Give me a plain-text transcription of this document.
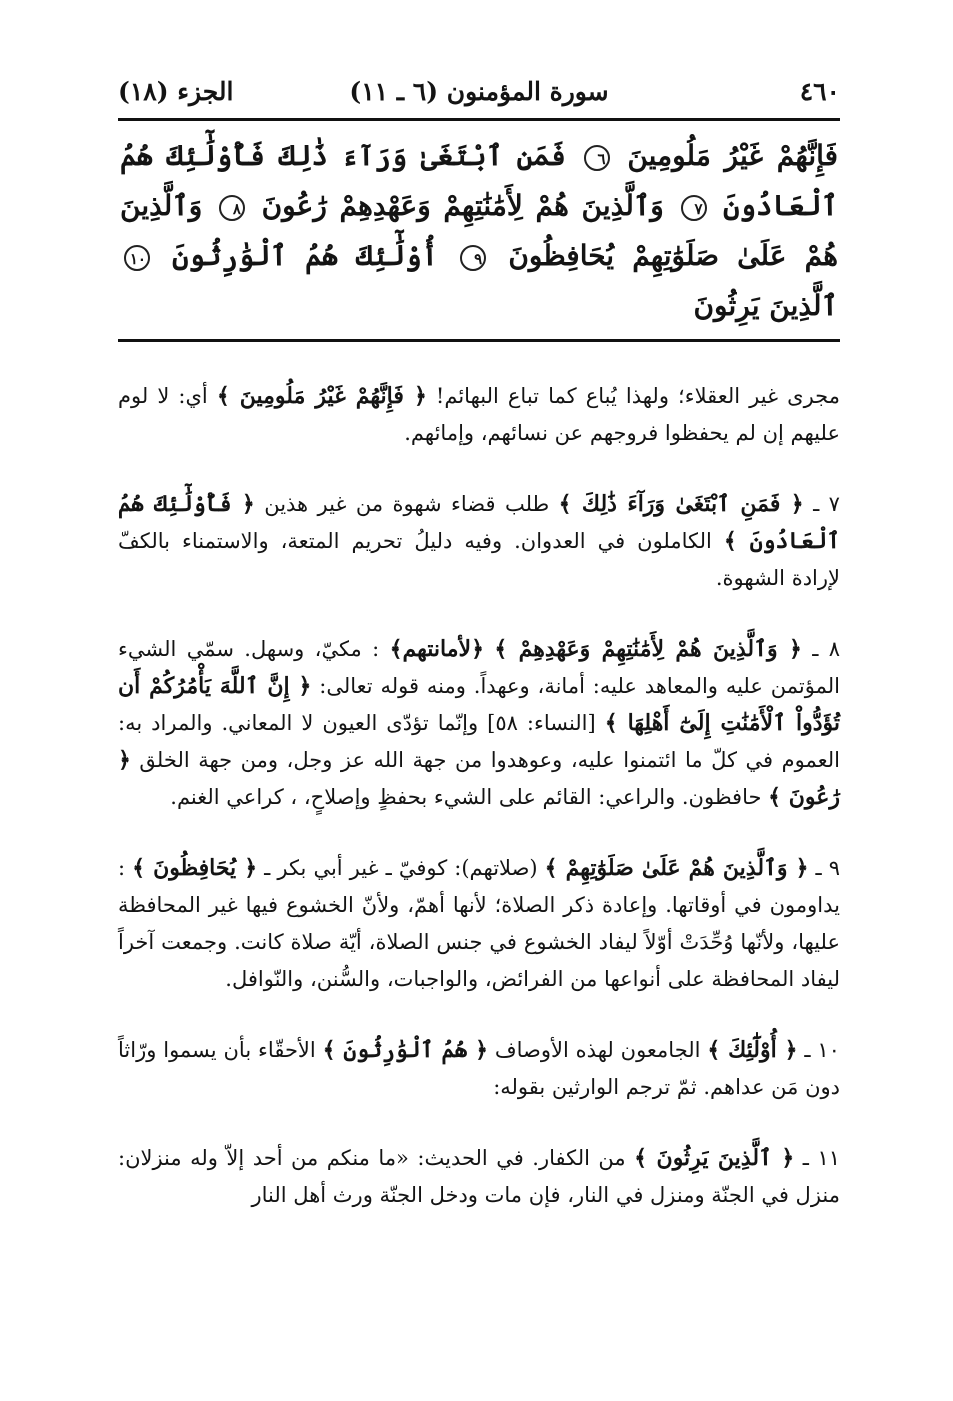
٤٦٠
سورة المؤمنون (٦ ـ ١١)
الجزء (١٨)
فَإِنَّهُمْ غَيْرُ مَلُومِينَ ٦ فَمَنِ ٱبْتَغَىٰ وَرَآءَ ذَٰلِكَ فَأُوْلَٰٓئِكَ هُمُ ٱلْعَادُونَ ٧ وَٱلَّذِينَ هُمْ لِأَمَٰنَٰتِهِمْ وَعَهْدِهِمْ رَٰعُونَ ٨ وَٱلَّذِينَ هُمْ عَلَىٰ صَلَوَٰتِهِمْ يُحَافِظُونَ ٩ أُوْلَٰٓئِكَ هُمُ ٱلْوَٰرِثُونَ ١٠ ٱلَّذِينَ يَرِثُونَ

مجرى غير العقلاء؛ ولهذا يُباع كما تباع البهائم! ﴿ فَإِنَّهُمْ غَيْرُ مَلُومِينَ ﴾ أي: لا لوم عليهم إن لم يحفظوا فروجهم عن نسائهم، وإمائهم.

٧ ـ ﴿ فَمَنِ ٱبْتَغَىٰ وَرَآءَ ذَٰلِكَ ﴾ طلب قضاء شهوة من غير هذين ﴿ فَأُوْلَٰٓئِكَ هُمُ ٱلْعَادُونَ ﴾ الكاملون في العدوان. وفيه دليلُ تحريم المتعة، والاستمناء بالكفّ لإرادة الشهوة.

٨ ـ ﴿ وَٱلَّذِينَ هُمْ لِأَمَٰنَٰتِهِمْ وَعَهْدِهِمْ ﴾ ﴿لأمانتهم﴾ : مكيّ، وسهل. سمّي الشيء المؤتمن عليه والمعاهد عليه: أمانة، وعهداً. ومنه قوله تعالى: ﴿ إِنَّ ٱللَّهَ يَأْمُرُكُمْ أَن تُؤَدُّواْ ٱلْأَمَٰنَٰتِ إِلَىٰٓ أَهْلِهَا ﴾ [النساء: ٥٨] وإنّما تؤدّى العيون لا المعاني. والمراد به: العموم في كلّ ما ائتمنوا عليه، وعوهدوا من جهة الله عز وجل، ومن جهة الخلق ﴿ رَٰعُونَ ﴾ حافظون. والراعي: القائم على الشيء بحفظٍ وإصلاحٍ، ، كراعي الغنم.

٩ ـ ﴿ وَٱلَّذِينَ هُمْ عَلَىٰ صَلَوَٰتِهِمْ ﴾ (صلاتهم): كوفيّ ـ غير أبي بكر ـ ﴿ يُحَافِظُونَ ﴾ : يداومون في أوقاتها. وإعادة ذكر الصلاة؛ لأنها أهمّ، ولأنّ الخشوع فيها غير المحافظة عليها، ولأنّها وُحِّدَتْ أوّلاً ليفاد الخشوع في جنس الصلاة، أيّة صلاة كانت. وجمعت آخراً ليفاد المحافظة على أنواعها من الفرائض، والواجبات، والسُّنن، والنّوافل.

١٠ ـ ﴿ أُوْلَٰٓئِكَ ﴾ الجامعون لهذه الأوصاف ﴿ هُمُ ٱلْوَٰرِثُونَ ﴾ الأحقّاء بأن يسموا ورّاثاً دون مَن عداهم. ثمّ ترجم الوارثين بقوله:

١١ ـ ﴿ ٱلَّذِينَ يَرِثُونَ ﴾ من الكفار. في الحديث: «ما منكم من أحد إلاّ وله منزلان: منزل في الجنّة ومنزل في النار، فإن مات ودخل الجنّة ورث أهل النار
